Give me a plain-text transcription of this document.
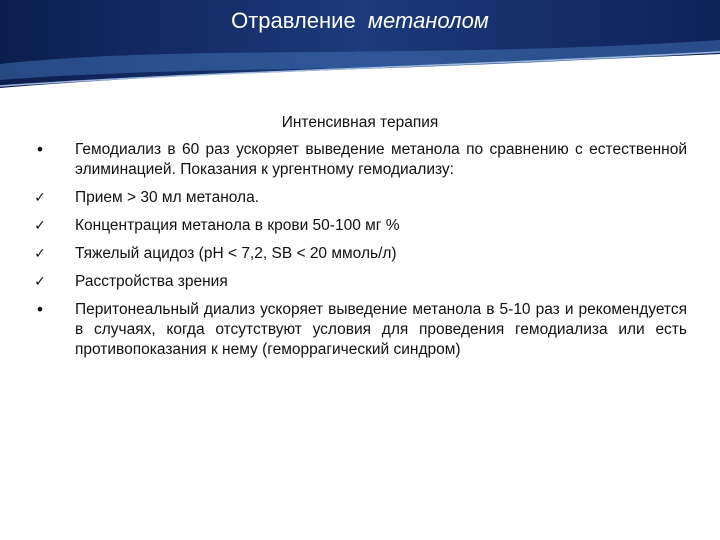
Отравление метанолом
Интенсивная терапия
• Гемодиализ в 60 раз ускоряет выведение метанола по сравнению с естественной элиминацией. Показания к ургентному гемодиализу:
✓ Прием > 30 мл метанола.
✓ Концентрация метанола в крови 50-100 мг %
✓ Тяжелый ацидоз (pH < 7,2, SB < 20 ммоль/л)
✓ Расстройства зрения
• Перитонеальный диализ ускоряет выведение метанола в 5-10 раз и рекомендуется в случаях, когда отсутствуют условия для проведения гемодиализа или есть противопоказания к нему (геморрагический синдром)
